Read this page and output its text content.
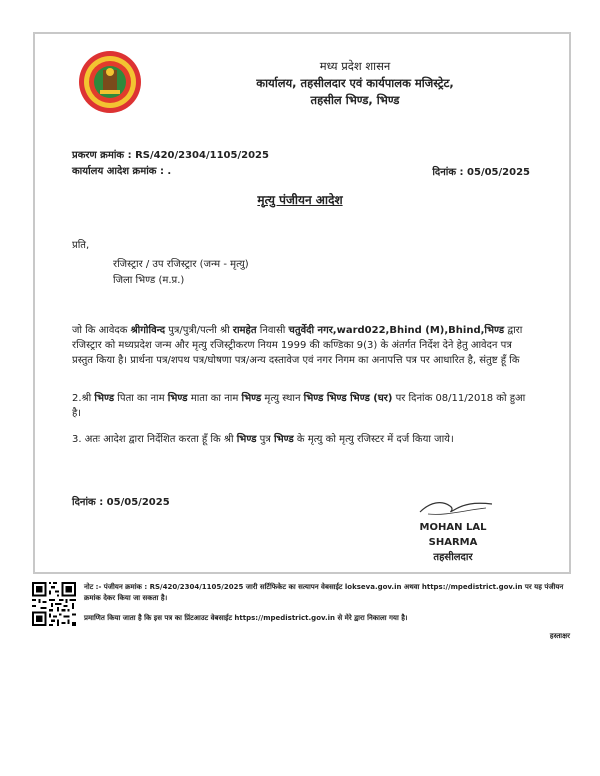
मध्य प्रदेश शासन
कार्यालय, तहसीलदार एवं कार्यपालक मजिस्ट्रेट,
तहसील भिण्ड, भिण्ड
प्रकरण क्रमांक : RS/420/2304/1105/2025
कार्यालय आदेश क्रमांक : .	दिनांक : 05/05/2025
मृत्यु पंजीयन आदेश
प्रति,
रजिस्ट्रार / उप रजिस्ट्रार (जन्म - मृत्यु)
जिला भिण्ड (म.प्र.)
जो कि आवेदक श्रीगोविन्द पुत्र/पुत्री/पत्नी श्री रामहेत निवासी चतुर्वेदी नगर,ward022,Bhind (M),Bhind,भिण्ड द्वारा रजिस्ट्रार को मध्यप्रदेश जन्म और मृत्यु रजिस्ट्रीकरण नियम 1999 की कण्डिका 9(3) के अंतर्गत निर्देश देने हेतु आवेदन पत्र प्रस्तुत किया है। प्रार्थना पत्र/शपथ पत्र/घोषणा पत्र/अन्य दस्तावेज एवं नगर निगम का अनापत्ति पत्र पर आधारित है, संतुष्ट हूँ कि
2.श्री भिण्ड पिता का नाम भिण्ड माता का नाम भिण्ड मृत्यु स्थान भिण्ड भिण्ड भिण्ड (घर) पर दिनांक 08/11/2018 को हुआ है।
3. अतः आदेश द्वारा निर्देशित करता हूँ कि श्री भिण्ड पुत्र भिण्ड के मृत्यु को मृत्यु रजिस्टर में दर्ज किया जाये।
दिनांक : 05/05/2025
MOHAN LAL SHARMA
तहसीलदार
नोट :- पंजीयन क्रमांक : RS/420/2304/1105/2025 जारी सर्टिफिकेट का सत्यापन वेबसाईट lokseva.gov.in अथवा https://mpedistrict.gov.in पर यह पंजीयन क्रमांक देकर किया जा सकता है।
प्रमाणित किया जाता है कि इस पत्र का प्रिंटआउट वेबसाईट https://mpedistrict.gov.in से मेरे द्वारा निकाला गया है।
हस्ताक्षर
